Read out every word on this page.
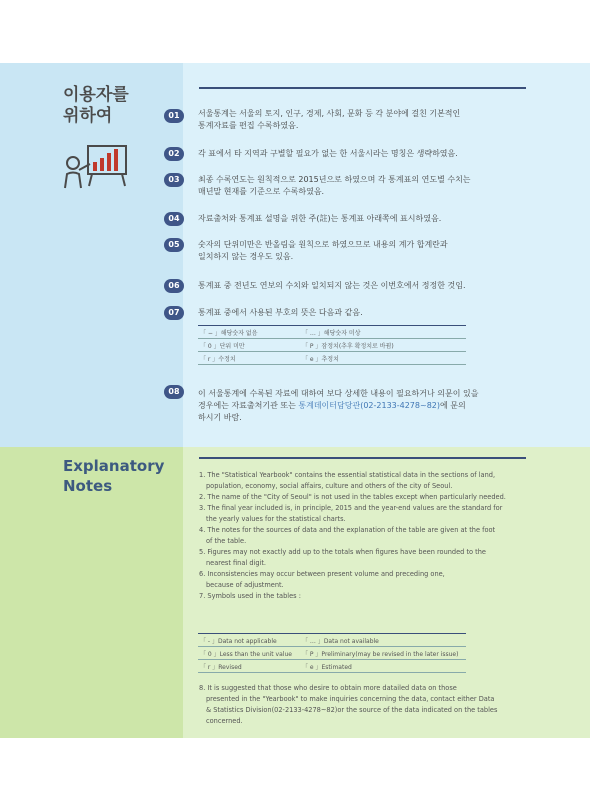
이용자를
위하여	01	서울통계는 서울의 토지, 인구, 경제, 사회, 문화 등 각 분야에 걸친 기본적인
통계자료를 편집 수록하였음.
02	각 표에서 타 지역과 구별할 필요가 없는 한 서울시라는 명칭은 생략하였음.
03	최종 수록연도는 원칙적으로 2015년으로 하였으며 각 통계표의 연도별 수치는
매년말 현재를 기준으로 수록하였음.
04	자료출처와 통계표 설명을 위한 주(註)는 통계표 아래쪽에 표시하였음.
05	숫자의 단위미만은 반올림을 원칙으로 하였으므로 내용의 계가 합계란과
일치하지 않는 경우도 있음.
06	통계표 중 전년도 연보의 수치와 일치되지 않는 것은 이번호에서 정정한 것임.
07	통계표 중에서 사용된 부호의 뜻은 다음과 같음.
「 − 」해당숫자 없음	「 … 」해당숫자 미상
「 0 」단위 미만	「 P 」잠정치(추후 확정치로 바뀜)
「 r 」수정치	「 e 」추정치
08	이 서울통계에 수록된 자료에 대하여 보다 상세한 내용이 필요하거나 의문이 있을
경우에는 자료출처기관 또는 통계데이터담당관(02-2133-4278~82)에 문의
하시기 바람.
Explanatory
Notes
1. The "Statistical Yearbook" contains the essential statistical data in the sections of land,
population, economy, social affairs, culture and others of the city of Seoul.
2. The name of the "City of Seoul" is not used in the tables except when particularly needed.
3. The final year included is, in principle, 2015 and the year-end values are the standard for
the yearly values for the statistical charts.
4. The notes for the sources of data and the explanation of the table are given at the foot
of the table.
5. Figures may not exactly add up to the totals when figures have been rounded to the
nearest final digit.
6. Inconsistencies may occur between present volume and preceding one,
because of adjustment.
7. Symbols used in the tables :
「 - 」Data not applicable	「 … 」Data not available
「 0 」Less than the unit value 「 P 」Preliminary(may be revised in the later issue)
「 r 」Revised	「 e 」Estimated
8. It is suggested that those who desire to obtain more datailed data on those
presented in the "Yearbook" to make inquiries concerning the data, contact either Data
& Statistics Division(02-2133-4278~82)or the source of the data indicated on the tables
concerned.
